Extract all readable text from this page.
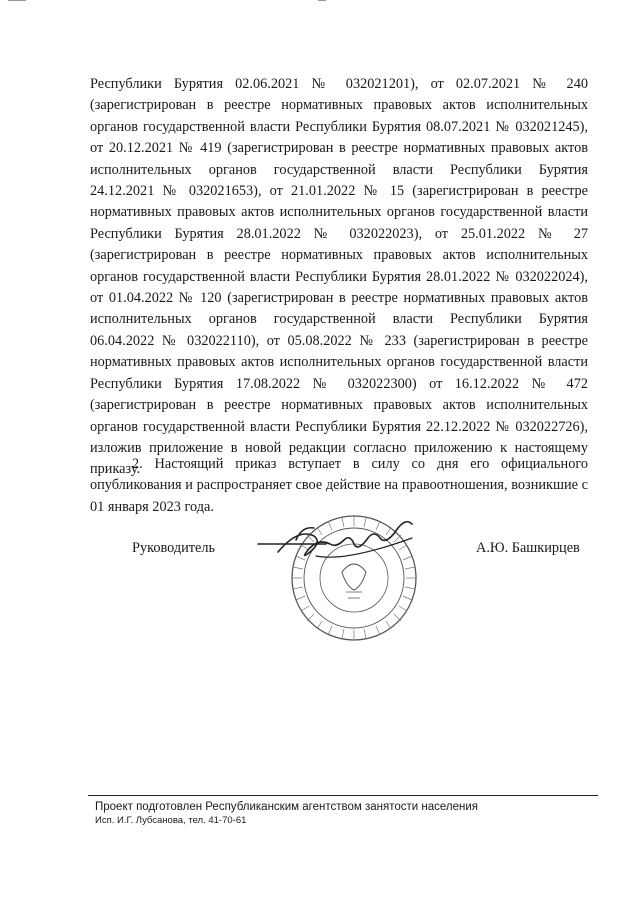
Республики Бурятия 02.06.2021 № 032021201), от 02.07.2021 № 240 (зарегистрирован в реестре нормативных правовых актов исполнительных органов государственной власти Республики Бурятия 08.07.2021 № 032021245), от 20.12.2021 № 419 (зарегистрирован в реестре нормативных правовых актов исполнительных органов государственной власти Республики Бурятия 24.12.2021 № 032021653), от 21.01.2022 № 15 (зарегистрирован в реестре нормативных правовых актов исполнительных органов государственной власти Республики Бурятия 28.01.2022 № 032022023), от 25.01.2022 № 27 (зарегистрирован в реестре нормативных правовых актов исполнительных органов государственной власти Республики Бурятия 28.01.2022 № 032022024), от 01.04.2022 № 120 (зарегистрирован в реестре нормативных правовых актов исполнительных органов государственной власти Республики Бурятия 06.04.2022 № 032022110), от 05.08.2022 № 233 (зарегистрирован в реестре нормативных правовых актов исполнительных органов государственной власти Республики Бурятия 17.08.2022 № 032022300) от 16.12.2022 № 472 (зарегистрирован в реестре нормативных правовых актов исполнительных органов государственной власти Республики Бурятия 22.12.2022 № 032022726), изложив приложение в новой редакции согласно приложению к настоящему приказу.

2. Настоящий приказ вступает в силу со дня его официального опубликования и распространяет свое действие на правоотношения, возникшие с 01 января 2023 года.

Руководитель	А.Ю. Башкирцев

Проект подготовлен Республиканским агентством занятости населения

Исп. И.Г. Лубсанова, тел. 41-70-61
